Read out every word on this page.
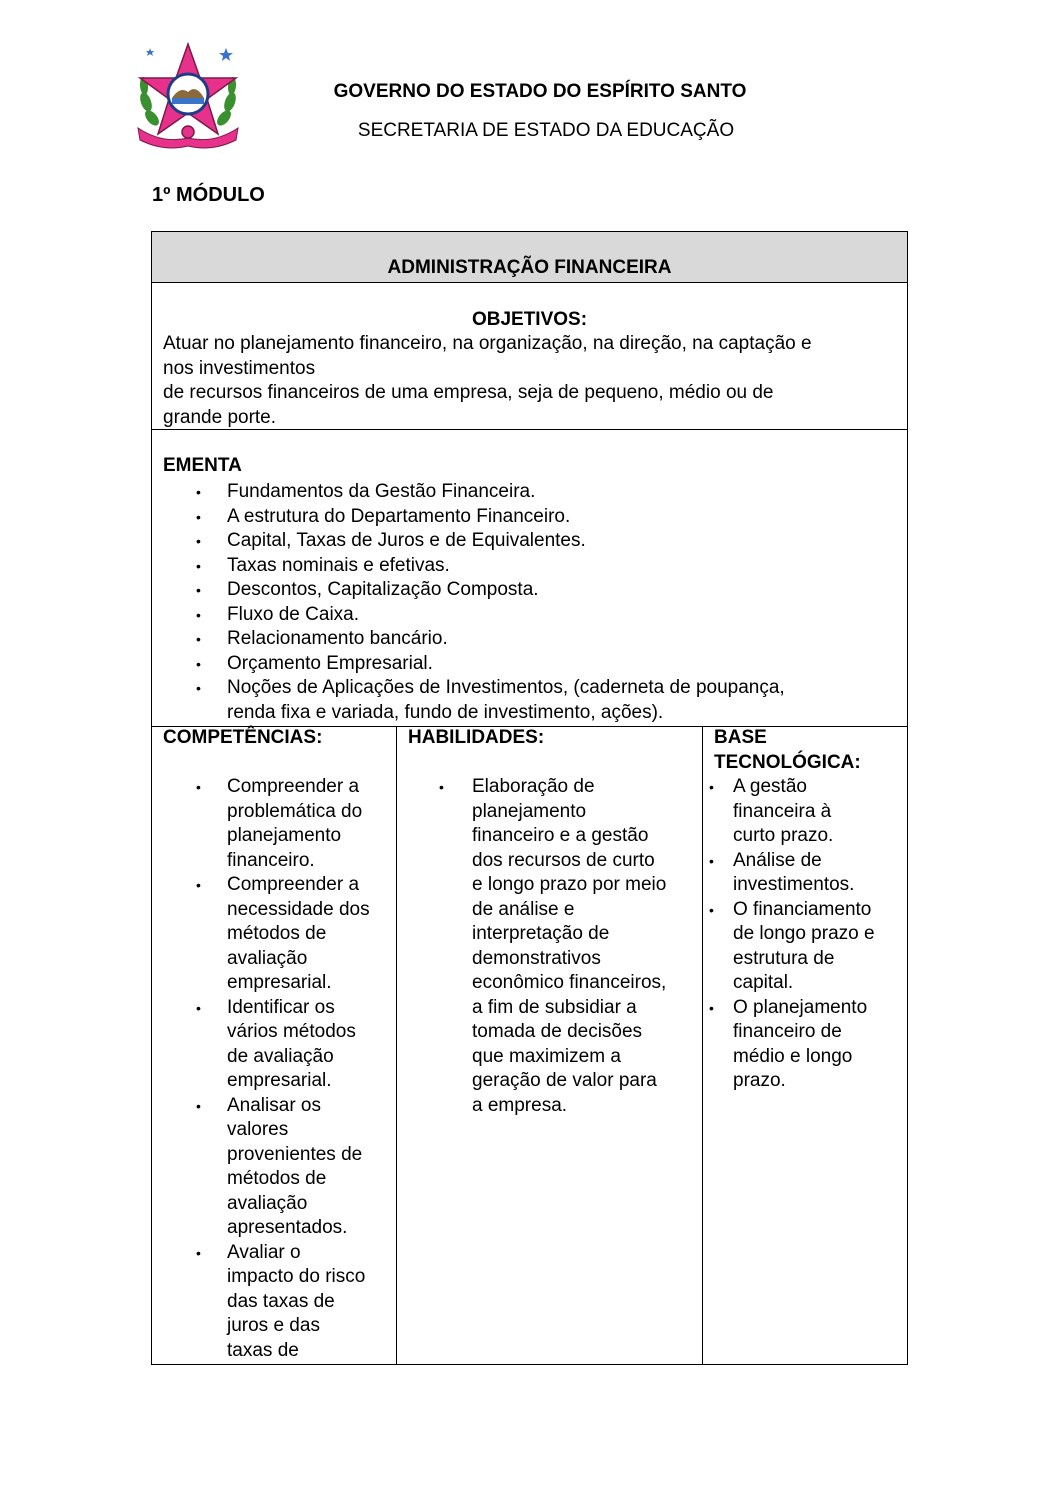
GOVERNO DO ESTADO DO ESPÍRITO SANTO
SECRETARIA DE ESTADO DA EDUCAÇÃO
1º MÓDULO
ADMINISTRAÇÃO FINANCEIRA
OBJETIVOS:
Atuar no planejamento financeiro, na organização, na direção, na captação e
nos investimentos
de recursos financeiros de uma empresa, seja de pequeno, médio ou de
grande porte.
EMENTA
• Fundamentos da Gestão Financeira.
• A estrutura do Departamento Financeiro.
• Capital, Taxas de Juros e de Equivalentes.
• Taxas nominais e efetivas.
• Descontos, Capitalização Composta.
• Fluxo de Caixa.
• Relacionamento bancário.
• Orçamento Empresarial.
• Noções de Aplicações de Investimentos, (caderneta de poupança,
renda fixa e variada, fundo de investimento, ações).
COMPETÊNCIAS:
• Compreender a
problemática do
planejamento
financeiro.
• Compreender a
necessidade dos
métodos de
avaliação
empresarial.
• Identificar os
vários métodos
de avaliação
empresarial.
• Analisar os
valores
provenientes de
métodos de
avaliação
apresentados.
• Avaliar o
impacto do risco
das taxas de
juros e das
taxas de
HABILIDADES:
• Elaboração de
planejamento
financeiro e a gestão
dos recursos de curto
e longo prazo por meio
de análise e
interpretação de
demonstrativos
econômico financeiros,
a fim de subsidiar a
tomada de decisões
que maximizem a
geração de valor para
a empresa.
BASE
TECNOLÓGICA:
• A gestão
financeira à
curto prazo.
• Análise de
investimentos.
• O financiamento
de longo prazo e
estrutura de
capital.
• O planejamento
financeiro de
médio e longo
prazo.
